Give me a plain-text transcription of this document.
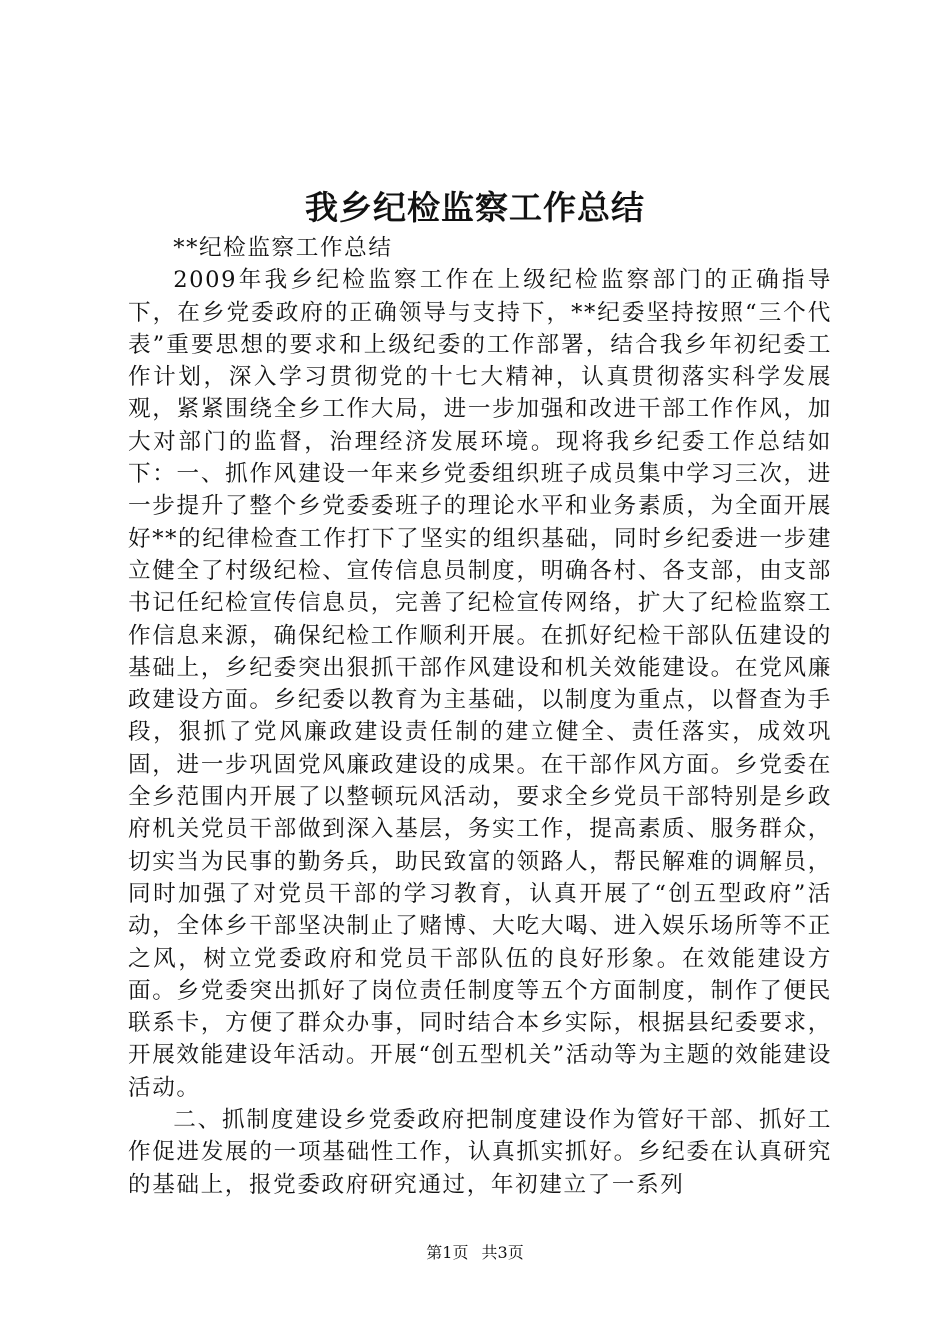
我乡纪检监察工作总结

**纪检监察工作总结

2009年我乡纪检监察工作在上级纪检监察部门的正确指导下，在乡党委政府的正确领导与支持下，**纪委坚持按照“三个代表”重要思想的要求和上级纪委的工作部署，结合我乡年初纪委工作计划，深入学习贯彻党的十七大精神，认真贯彻落实科学发展观，紧紧围绕全乡工作大局，进一步加强和改进干部工作作风，加大对部门的监督，治理经济发展环境。现将我乡纪委工作总结如下：一、抓作风建设一年来乡党委组织班子成员集中学习三次，进一步提升了整个乡党委委班子的理论水平和业务素质，为全面开展好**的纪律检查工作打下了坚实的组织基础，同时乡纪委进一步建立健全了村级纪检、宣传信息员制度，明确各村、各支部，由支部书记任纪检宣传信息员，完善了纪检宣传网络，扩大了纪检监察工作信息来源，确保纪检工作顺利开展。在抓好纪检干部队伍建设的基础上，乡纪委突出狠抓干部作风建设和机关效能建设。在党风廉政建设方面。乡纪委以教育为主基础，以制度为重点，以督查为手段，狠抓了党风廉政建设责任制的建立健全、责任落实，成效巩固，进一步巩固党风廉政建设的成果。在干部作风方面。乡党委在全乡范围内开展了以整顿玩风活动，要求全乡党员干部特别是乡政府机关党员干部做到深入基层，务实工作，提高素质、服务群众，切实当为民事的勤务兵，助民致富的领路人，帮民解难的调解员，同时加强了对党员干部的学习教育，认真开展了“创五型政府”活动，全体乡干部坚决制止了赌博、大吃大喝、进入娱乐场所等不正之风，树立党委政府和党员干部队伍的良好形象。在效能建设方面。乡党委突出抓好了岗位责任制度等五个方面制度，制作了便民联系卡，方便了群众办事，同时结合本乡实际，根据县纪委要求，开展效能建设年活动。开展“创五型机关”活动等为主题的效能建设活动。

二、抓制度建设乡党委政府把制度建设作为管好干部、抓好工作促进发展的一项基础性工作，认真抓实抓好。乡纪委在认真研究的基础上，报党委政府研究通过，年初建立了一系列

第1页 共3页
